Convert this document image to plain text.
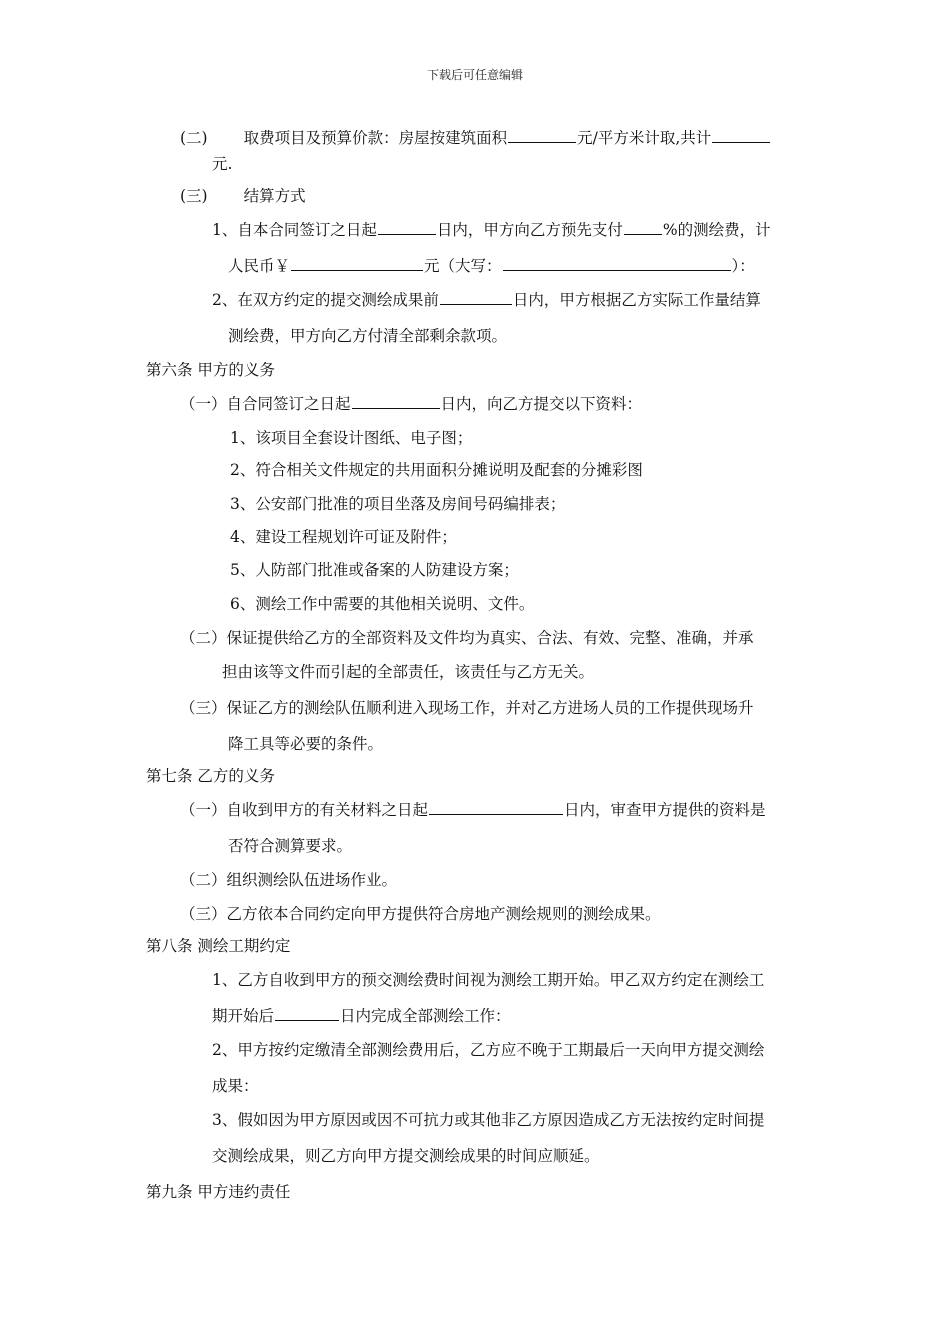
下载后可任意编辑
(二) 取费项目及预算价款：房屋按建筑面积	元/平方米计取,共计
元.
(三) 结算方式
1、自本合同签订之日起	日内，甲方向乙方预先支付	%的测绘费，计
人民币￥	元（大写：	）：
2、在双方约定的提交测绘成果前	日内，甲方根据乙方实际工作量结算
测绘费，甲方向乙方付清全部剩余款项。
第六条 甲方的义务
（一）自合同签订之日起	日内，向乙方提交以下资料：
1、该项目全套设计图纸、电子图；
2、符合相关文件规定的共用面积分摊说明及配套的分摊彩图
3、公安部门批准的项目坐落及房间号码编排表；
4、建设工程规划许可证及附件；
5、人防部门批准或备案的人防建设方案；
6、测绘工作中需要的其他相关说明、文件。
（二）保证提供给乙方的全部资料及文件均为真实、合法、有效、完整、准确，并承
担由该等文件而引起的全部责任，该责任与乙方无关。
（三）保证乙方的测绘队伍顺利进入现场工作，并对乙方进场人员的工作提供现场升
降工具等必要的条件。
第七条 乙方的义务
（一）自收到甲方的有关材料之日起	日内，审查甲方提供的资料是
否符合测算要求。
（二）组织测绘队伍进场作业。
（三）乙方依本合同约定向甲方提供符合房地产测绘规则的测绘成果。
第八条 测绘工期约定
1、乙方自收到甲方的预交测绘费时间视为测绘工期开始。甲乙双方约定在测绘工
期开始后	日内完成全部测绘工作：
2、甲方按约定缴清全部测绘费用后，乙方应不晚于工期最后一天向甲方提交测绘
成果：
3、假如因为甲方原因或因不可抗力或其他非乙方原因造成乙方无法按约定时间提
交测绘成果，则乙方向甲方提交测绘成果的时间应顺延。
第九条 甲方违约责任
